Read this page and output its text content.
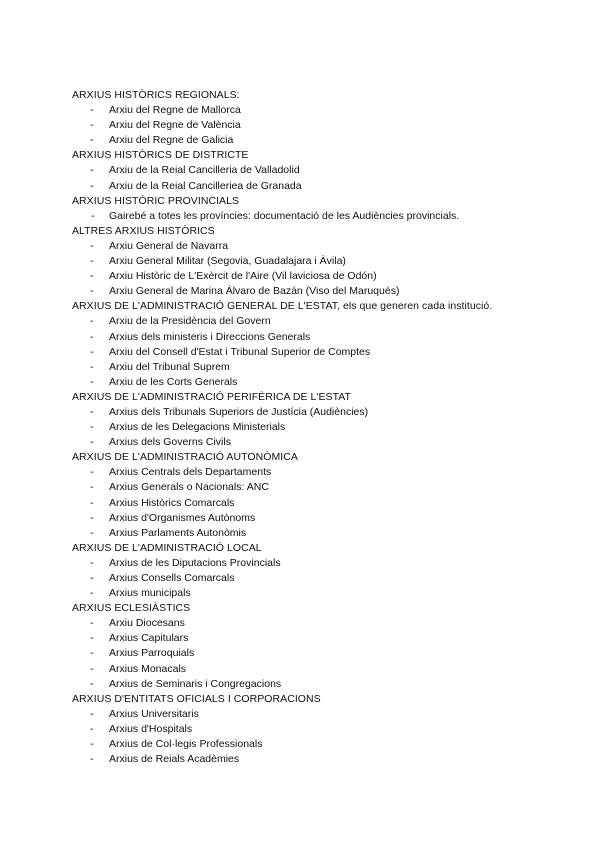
ARXIUS HISTÒRICS REGIONALS:
- Arxiu del Regne de Mallorca
- Arxiu del Regne de València
- Arxiu del Regne de Galicia
ARXIUS HISTÒRICS DE DISTRICTE
- Arxiu de la Reial Cancilleria de Valladolid
- Arxiu de la Reial Cancilleriea de Granada
ARXIUS HISTÒRIC PROVINCIALS
- Gairebé a totes les províncies: documentació de les Audiències provincials.
ALTRES ARXIUS HISTÒRICS
- Arxiu General de Navarra
- Arxiu General Militar (Segovia, Guadalajara i Àvila)
- Arxiu Històric de L'Exèrcit de l'Aire (Vil laviciosa de Odón)
- Arxiu General de Marina Álvaro de Bazán (Viso del Maruqués)
ARXIUS DE L'ADMINISTRACIÓ GENERAL DE L'ESTAT, els que generen cada institució.
- Arxiu de la Presidència del Govern
- Arxius dels ministeris i Direccions Generals
- Arxiu del Consell d'Estat i Tribunal Superior de Comptes
- Arxiu del Tribunal Suprem
- Arxiu de les Corts Generals
ARXIUS DE L'ADMINISTRACIÓ PERIFÈRICA DE L'ESTAT
- Arxius dels Tribunals Superiors de Justícia (Audiències)
- Arxius de les Delegacions Ministerials
- Arxius dels Governs Civils
ARXIUS DE L'ADMINISTRACIÓ AUTONÒMICA
- Arxius Centrals dels Departaments
- Arxius Generals o Nacionals: ANC
- Arxius Històrics Comarcals
- Arxius d'Organismes Autònoms
- Arxius Parlaments Autonòmis
ARXIUS DE L'ADMINISTRACIÓ LOCAL
- Arxius de les Diputacions Provincials
- Arxius Consells Comarcals
- Arxius municipals
ARXIUS ECLESIÀSTICS
- Arxiu Diocesans
- Arxius Capitulars
- Arxius Parroquials
- Arxius Monacals
- Arxius de Seminaris i Congregacions
ARXIUS D'ENTITATS OFICIALS I CORPORACIONS
- Arxius Universitaris
- Arxius d'Hospitals
- Arxius de Col·legis Professionals
- Arxius de Reials Acadèmies
